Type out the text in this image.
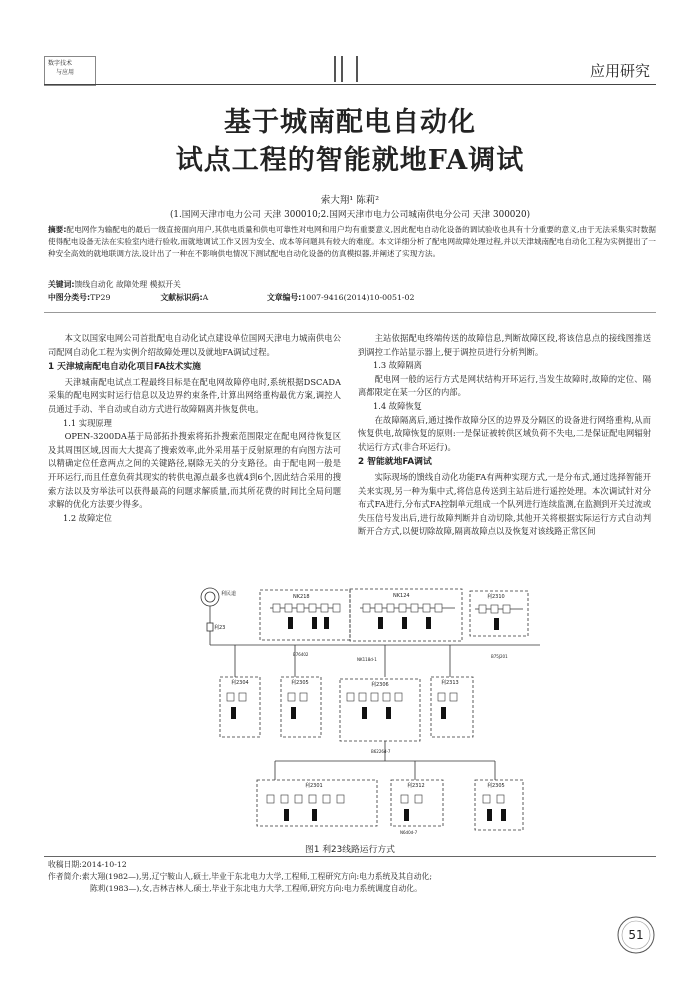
数字技术
与应用	应用研究
基于城南配电自动化
试点工程的智能就地FA调试
索大翔¹ 陈莉²
(1.国网天津市电力公司 天津 300010;2.国网天津市电力公司城南供电分公司 天津 300020)
摘要:配电网作为输配电的最后一级直接面向用户,其供电质量和供电可靠性对电网和用户均有重要意义,因此配电自动化设备的调试验收也具有十分重要的意义,由于无法采集实时数据使得配电设备无法在实验室内进行验收,而就地调试工作又因为安全、成本等问题具有较大的难度。本文详细分析了配电网故障处理过程,并以天津城南配电自动化工程为实例提出了一种安全高效的就地联调方法,设计出了一种在不影响供电情况下测试配电自动化设备的仿真模拟器,并阐述了实现方法。
关键词:馈线自动化 故障处理 模拟开关
中图分类号:TP29	文献标识码:A	文章编号:1007-9416(2014)10-0051-02

本文以国家电网公司首批配电自动化试点建设单位国网天津电力城南供电公司配网自动化工程为实例介绍故障处理以及就地FA调试过程。

1 天津城南配电自动化项目FA技术实施

天津城南配电试点工程最终目标是在配电网故障停电时,系统根据DSCADA采集的配电网实时运行信息以及边界约束条件,计算出网络重构最优方案,调控人员通过手动、半自动或自动方式进行故障隔离并恢复供电。

1.1 实现原理

OPEN-3200DA基于局部拓扑搜索将拓扑搜索范围限定在配电网待恢复区及其周围区域,因而大大提高了搜索效率,此外采用基于反射原理的有向图方法可以精确定位任意两点之间的关键路径,剔除无关的分支路径。由于配电网一般是开环运行,而且任意负荷其现实的转供电源点最多也就4到6个,因此结合采用的搜索方法以及穷举法可以获得最高的问题求解质量,而其所花费的时间比全局问题求解的优化方法要少得多。

1.2 故障定位

主站依据配电终端传送的故障信息,判断故障区段,将该信息点的接线图推送到调控工作站显示器上,便于调控员进行分析判断。

1.3 故障隔离

配电网一般的运行方式是网状结构开环运行,当发生故障时,故障的定位、隔离都限定在某一分区的内部。

1.4 故障恢复

在故障隔离后,通过操作故障分区的边界及分隔区的设备进行网络重构,从而恢复供电,故障恢复的原则:一是保证被转供区域负荷不失电,二是保证配电网辐射状运行方式(非合环运行)。

2 智能就地FA调试

实际现场的馈线自动化功能FA有两种实现方式,一是分布式,通过选择智能开关来实现,另一种为集中式,将信息传送到主站后进行遥控处理。本次调试针对分布式FA进行,分布式FA控制单元组成一个队列进行连续监测,在监测到开关过流或失压信号发出后,进行故障判断并自动切除,其他开关将根据实际运行方式自动判断开合方式,以便切除故障,隔离故障点以及恢复对该线路正常区间

利民道
利23
NK218	NK124	利2310
利2304	利2305	利2306	利2313
利2301	利2312	利2305
B76402
NK118d-1
B75J201
B6226d-7
N6d0d-7
图1 利23线路运行方式
收稿日期:2014-10-12
作者简介:索大翔(1982—),男,辽宁鞍山人,硕士,毕业于东北电力大学,工程师,工程研究方向:电力系统及其自动化;
陈莉(1983—),女,吉林吉林人,硕士,毕业于东北电力大学,工程师,研究方向:电力系统调度自动化。
51
